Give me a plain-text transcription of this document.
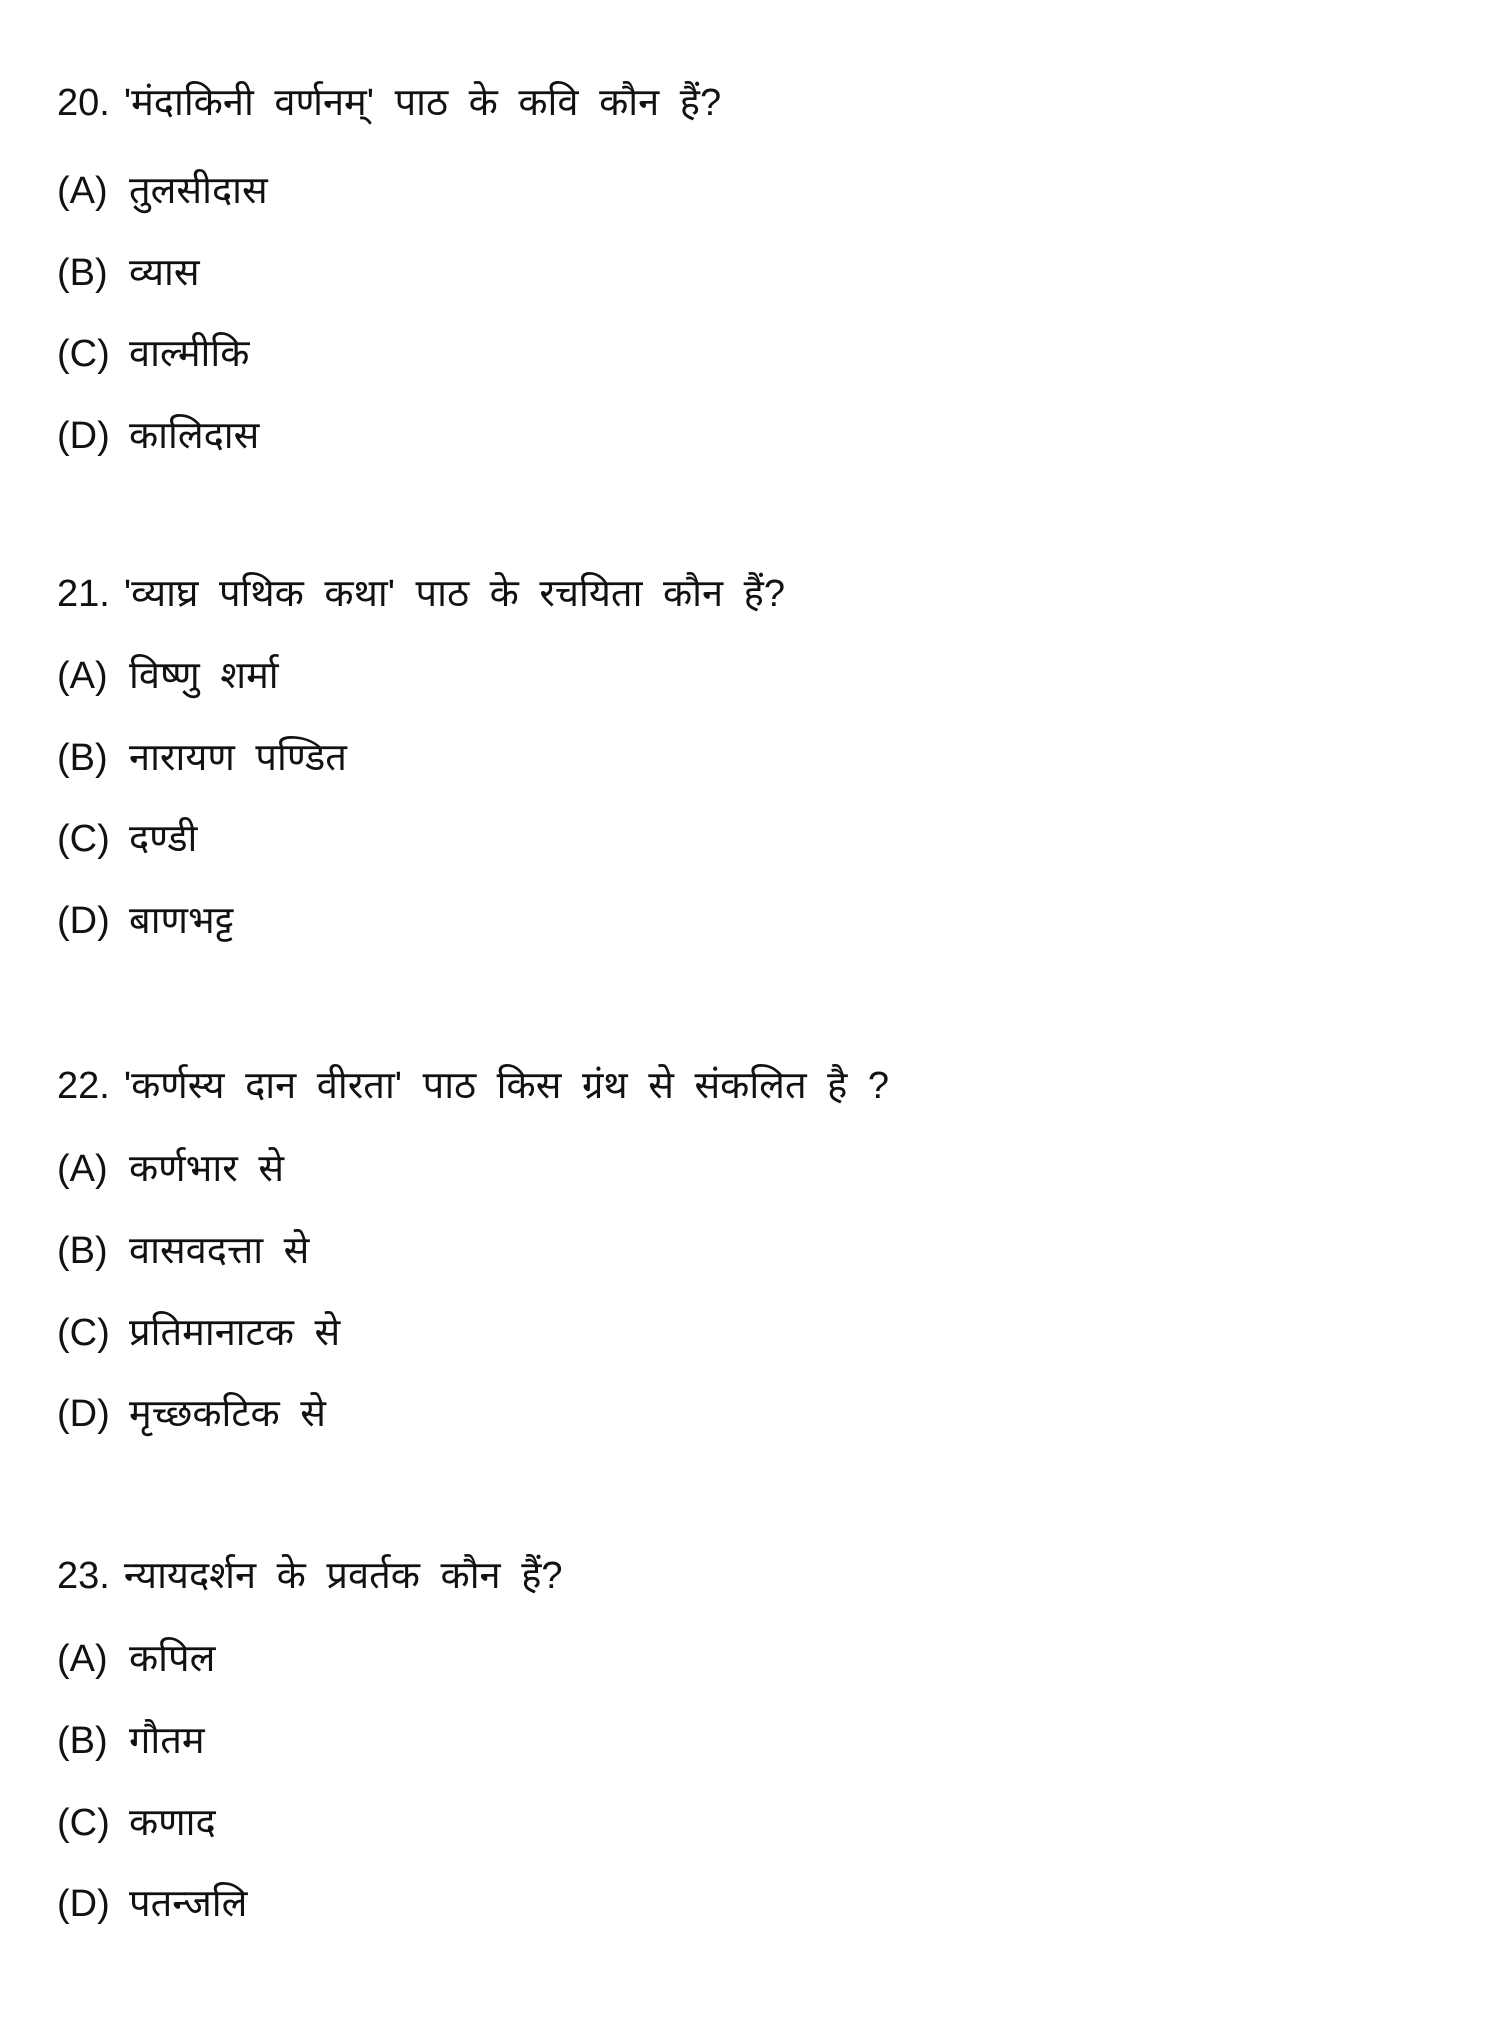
20. 'मंदाकिनी वर्णनम्' पाठ के कवि कौन हैं?
(A) तुलसीदास
(B) व्यास
(C) वाल्मीकि
(D) कालिदास
21. 'व्याघ्र पथिक कथा' पाठ के रचयिता कौन हैं?
(A) विष्णु शर्मा
(B) नारायण पण्डित
(C) दण्डी
(D) बाणभट्ट
22. 'कर्णस्य दान वीरता' पाठ किस ग्रंथ से संकलित है ?
(A) कर्णभार से
(B) वासवदत्ता से
(C) प्रतिमानाटक से
(D) मृच्छकटिक से
23. न्यायदर्शन के प्रवर्तक कौन हैं?
(A) कपिल
(B) गौतम
(C) कणाद
(D) पतन्जलि
